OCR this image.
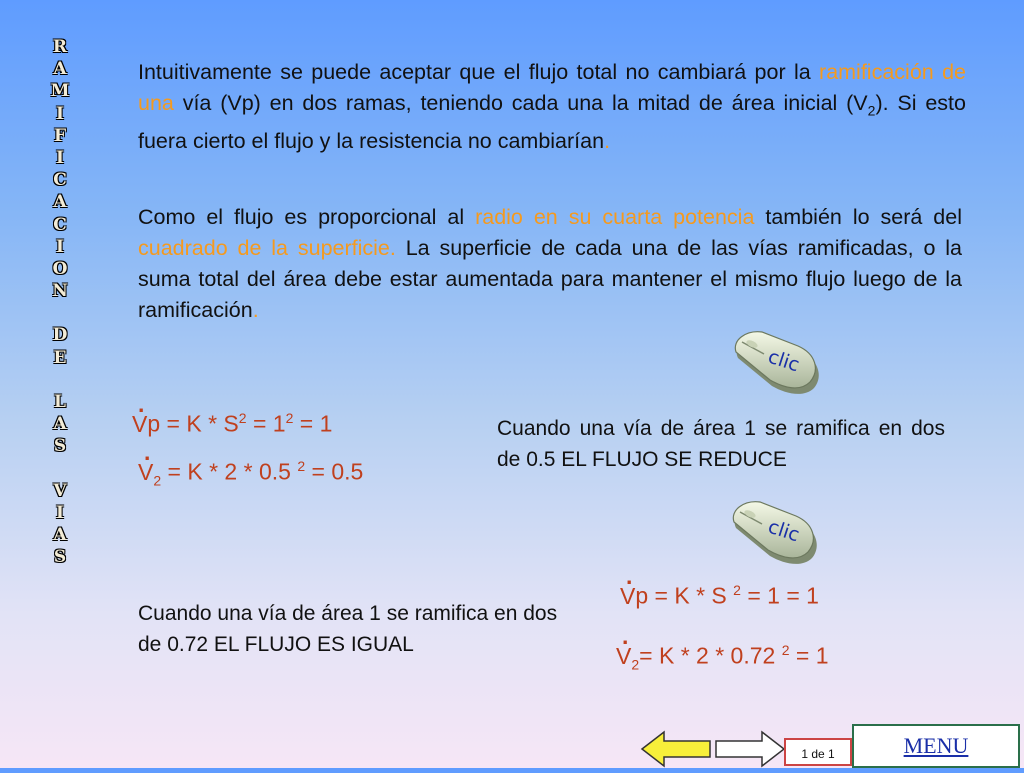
R
A
M
I
F
I
C
A
C
I
O
N
D
E
L
A
S
V
I
A
S
Intuitivamente se puede aceptar que el flujo total no cambiará por la ramificación de una vía (Vp) en dos ramas, teniendo cada una la mitad de área inicial $(V_2)$. Si esto fuera cierto el flujo y la resistencia no cambiarían.
Como el flujo es proporcional al radio en su cuarta potencia también lo será del cuadrado de la superficie. La superficie de cada una de las vías ramificadas, o la suma total del área debe estar aumentada para mantener el mismo flujo luego de la ramificación.
clic
. $Vp = K * S^2 = 1^2 = 1$
. $V_2 = K * 2 * 0.5$ $^2$ = 0.5
Cuando una vía de área 1 se ramifica en dos de 0.5 EL FLUJO SE REDUCE
clic
. Vp = K * S $^2$ = 1 = 1
. $V_2= K * 2 * 0.72$ $^2$ = 1
Cuando una vía de área 1 se ramifica en dos de 0.72 EL FLUJO ES IGUAL
1 de 1	MENU
